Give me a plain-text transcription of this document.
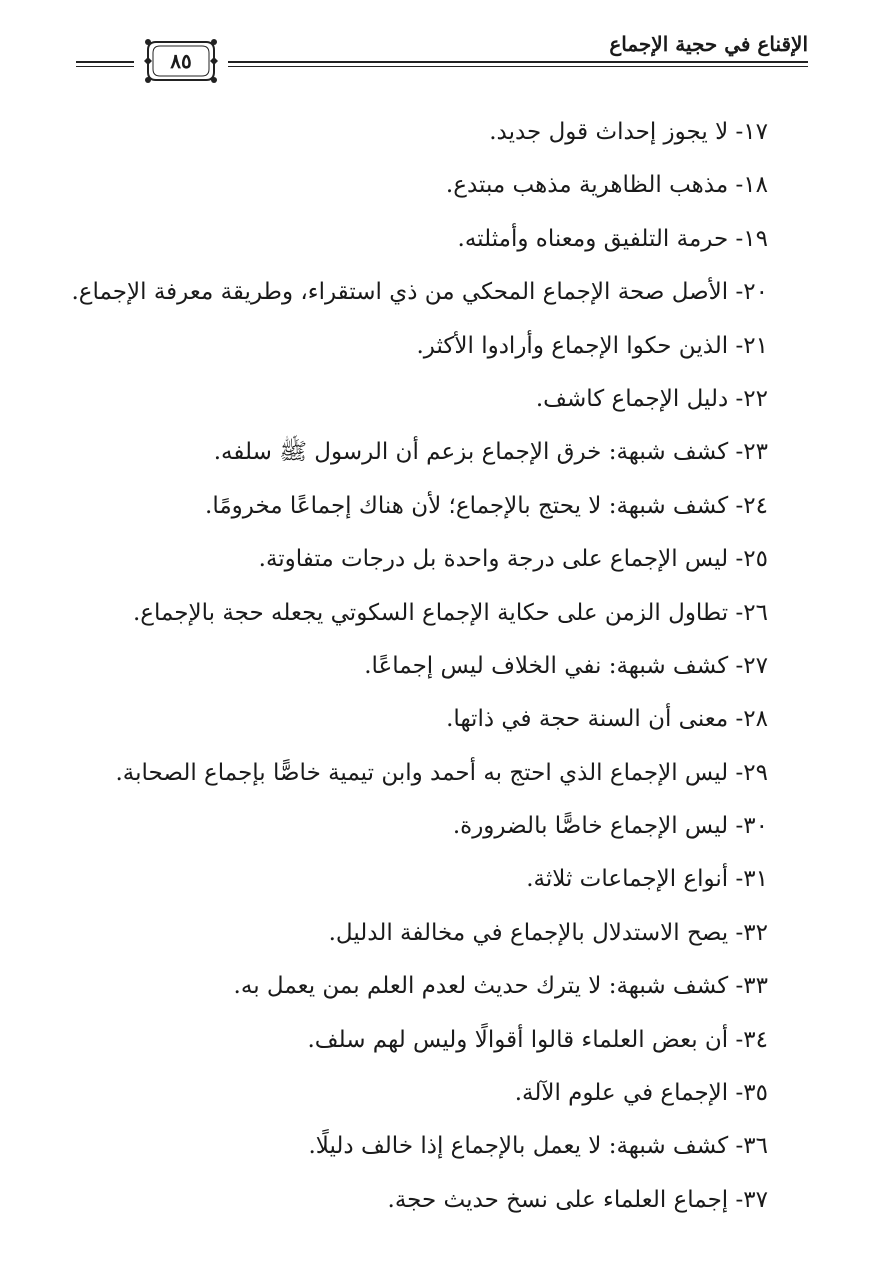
الإقناع في حجية الإجماع
٨٥
١٧- لا يجوز إحداث قول جديد.
١٨- مذهب الظاهرية مذهب مبتدع.
١٩- حرمة التلفيق ومعناه وأمثلته.
٢٠- الأصل صحة الإجماع المحكي من ذي استقراء، وطريقة معرفة الإجماع.
٢١- الذين حكوا الإجماع وأرادوا الأكثر.
٢٢- دليل الإجماع كاشف.
٢٣- كشف شبهة: خرق الإجماع بزعم أن الرسول ﷺ سلفه.
٢٤- كشف شبهة: لا يحتج بالإجماع؛ لأن هناك إجماعًا مخرومًا.
٢٥- ليس الإجماع على درجة واحدة بل درجات متفاوتة.
٢٦- تطاول الزمن على حكاية الإجماع السكوتي يجعله حجة بالإجماع.
٢٧- كشف شبهة: نفي الخلاف ليس إجماعًا.
٢٨- معنى أن السنة حجة في ذاتها.
٢٩- ليس الإجماع الذي احتج به أحمد وابن تيمية خاصًّا بإجماع الصحابة.
٣٠- ليس الإجماع خاصًّا بالضرورة.
٣١- أنواع الإجماعات ثلاثة.
٣٢- يصح الاستدلال بالإجماع في مخالفة الدليل.
٣٣- كشف شبهة: لا يترك حديث لعدم العلم بمن يعمل به.
٣٤- أن بعض العلماء قالوا أقوالًا وليس لهم سلف.
٣٥- الإجماع في علوم الآلة.
٣٦- كشف شبهة: لا يعمل بالإجماع إذا خالف دليلًا.
٣٧- إجماع العلماء على نسخ حديث حجة.
